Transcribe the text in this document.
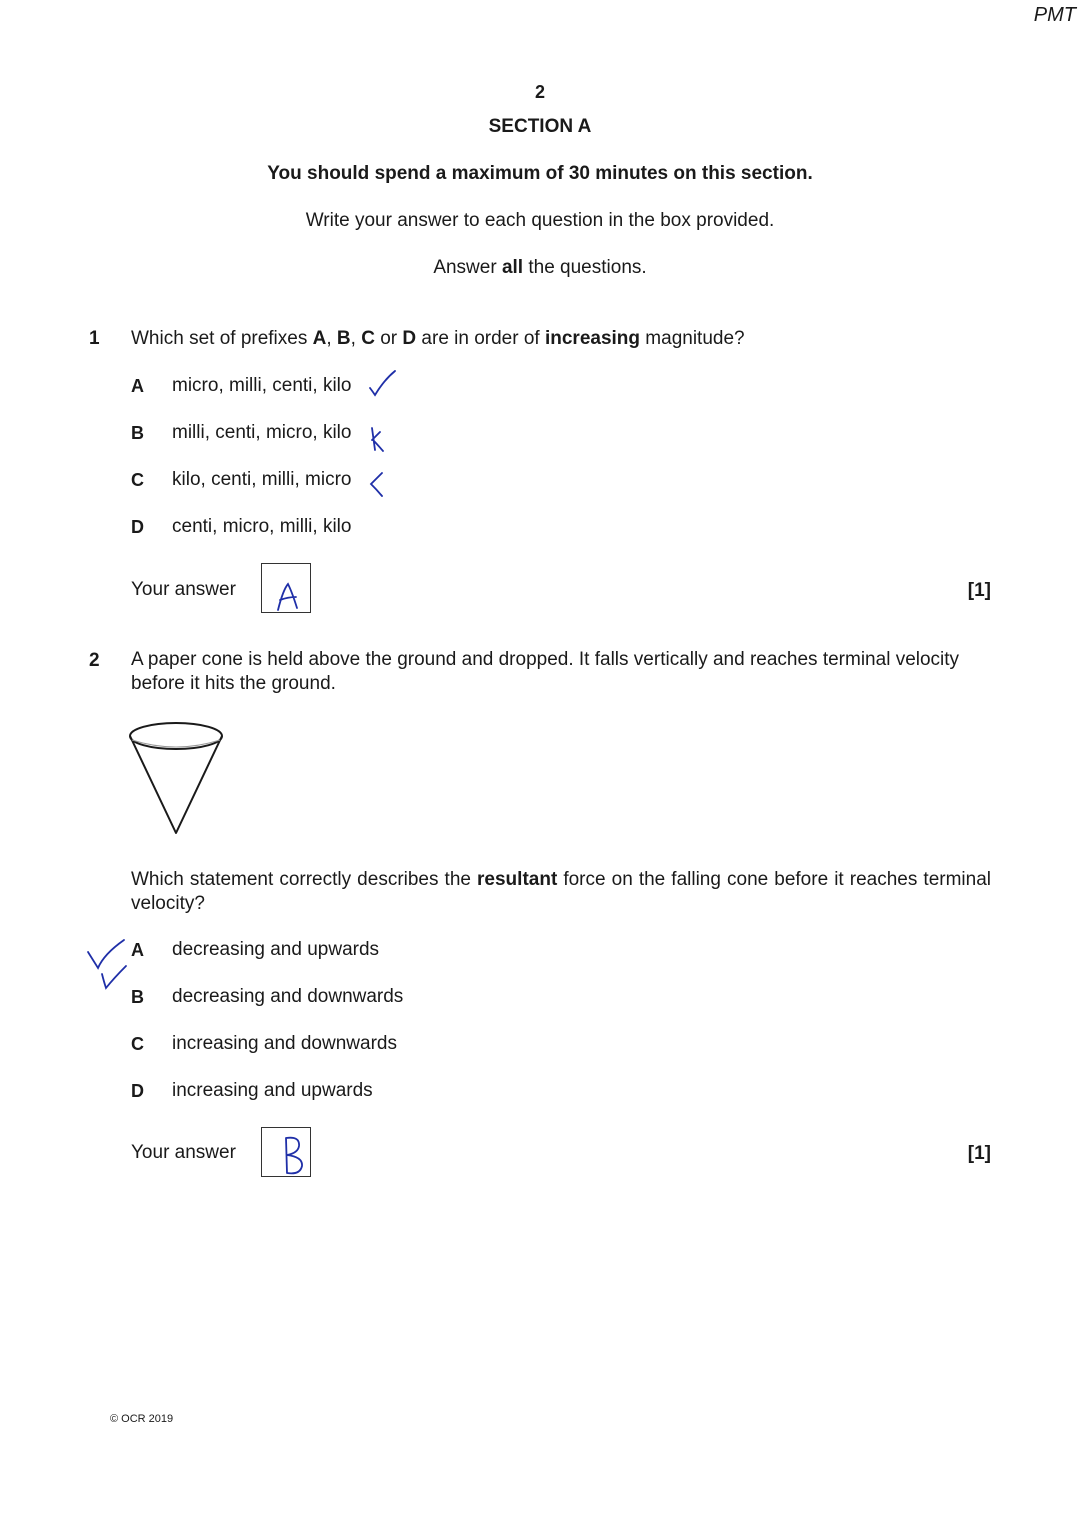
PMT
2
SECTION A
You should spend a maximum of 30 minutes on this section.
Write your answer to each question in the box provided.
Answer all the questions.
1 Which set of prefixes A, B, C or D are in order of increasing magnitude?
A	micro, milli, centi, kilo
B	milli, centi, micro, kilo
C	kilo, centi, milli, micro
D	centi, micro, milli, kilo
Your answer	[1]
2 A paper cone is held above the ground and dropped. It falls vertically and reaches terminal velocity before it hits the ground.
Which statement correctly describes the resultant force on the falling cone before it reaches terminal velocity?
A	decreasing and upwards
B	decreasing and downwards
C	increasing and downwards
D	increasing and upwards
Your answer	[1]
© OCR 2019
